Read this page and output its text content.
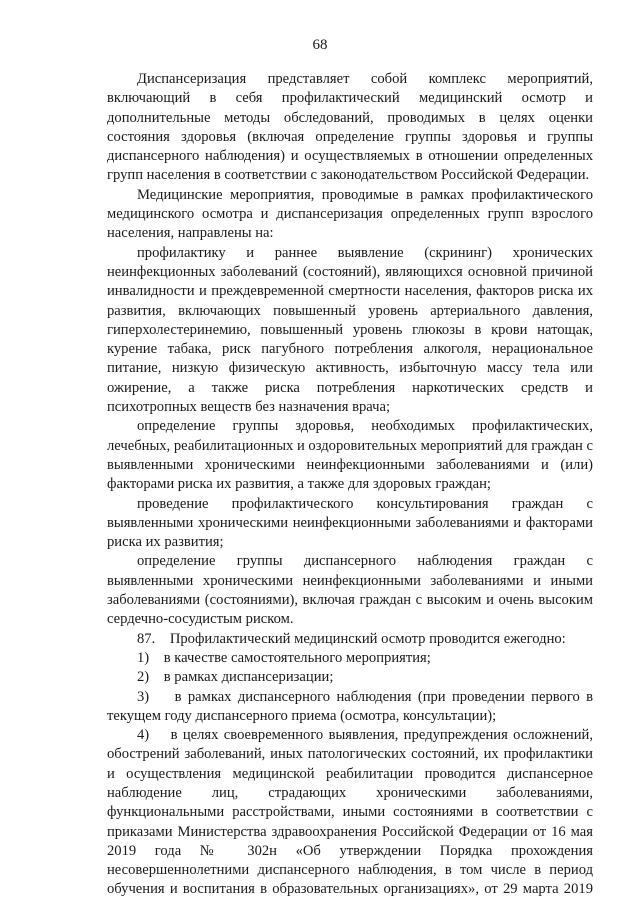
68

Диспансеризация представляет собой комплекс мероприятий, включающий в себя профилактический медицинский осмотр и дополнительные методы обследований, проводимых в целях оценки состояния здоровья (включая определение группы здоровья и группы диспансерного наблюдения) и осуществляемых в отношении определенных групп населения в соответствии с законодательством Российской Федерации.

Медицинские мероприятия, проводимые в рамках профилактического медицинского осмотра и диспансеризация определенных групп взрослого населения, направлены на:

профилактику и раннее выявление (скрининг) хронических неинфекционных заболеваний (состояний), являющихся основной причиной инвалидности и преждевременной смертности населения, факторов риска их развития, включающих повышенный уровень артериального давления, гиперхолестеринемию, повышенный уровень глюкозы в крови натощак, курение табака, риск пагубного потребления алкоголя, нерациональное питание, низкую физическую активность, избыточную массу тела или ожирение, а также риска потребления наркотических средств и психотропных веществ без назначения врача;

определение группы здоровья, необходимых профилактических, лечебных, реабилитационных и оздоровительных мероприятий для граждан с выявленными хроническими неинфекционными заболеваниями и (или) факторами риска их развития, а также для здоровых граждан;

проведение профилактического консультирования граждан с выявленными хроническими неинфекционными заболеваниями и факторами риска их развития;

определение группы диспансерного наблюдения граждан с выявленными хроническими неинфекционными заболеваниями и иными заболеваниями (состояниями), включая граждан с высоким и очень высоким сердечно-сосудистым риском.

87.    Профилактический медицинский осмотр проводится ежегодно:

1)    в качестве самостоятельного мероприятия;

2)    в рамках диспансеризации;

3)    в рамках диспансерного наблюдения (при проведении первого в текущем году диспансерного приема (осмотра, консультации);

4)    в целях своевременного выявления, предупреждения осложнений, обострений заболеваний, иных патологических состояний, их профилактики и осуществления медицинской реабилитации проводится диспансерное наблюдение лиц, страдающих хроническими заболеваниями, функциональными расстройствами, иными состояниями в соответствии с приказами Министерства здравоохранения Российской Федерации от 16 мая 2019 года № 302н «Об утверждении Порядка прохождения несовершеннолетними диспансерного наблюдения, в том числе в период обучения и воспитания в образовательных организациях», от 29 марта 2019
